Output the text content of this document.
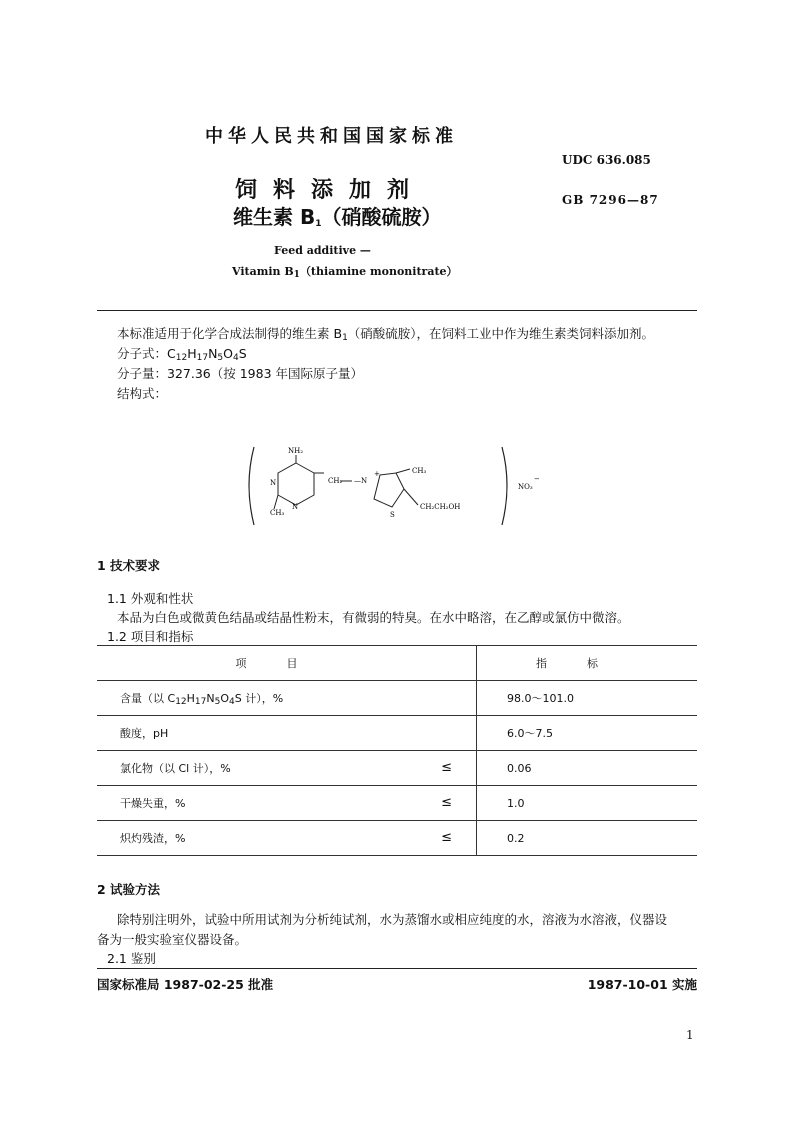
中华人民共和国国家标准
UDC 636.085
GB 7296—87
饲料添加剂
维生素 $B_1$（硝酸硫胺）
Feed additive —
Vitamin $B_1(thiamine$ mononitrate）
本标准适用于化学合成法制得的维生素 $B_1$（硝酸硫胺），在饲料工业中作为维生素类饲料添加剂。
分子式：$C_{12}H_{17}N_5O_4S$
分子量：327.36（按 1983 年国际原子量）
结构式：
NH₂
N
N
CH₃
CH₂ —N
+	CH₃
S
CH₂CH₂OH
NO₃
−
1 技术要求
1.1 外观和性状
本品为白色或微黄色结晶或结晶性粉末，有微弱的特臭。在水中略溶，在乙醇或氯仿中微溶。
1.2 项目和指标
项目	指标
含量（以 $C_{12}H_{17}N_5O_4S$ 计），%	98.0～101.0
酸度，pH	6.0～7.5
氯化物（以 Cl 计），% ≤	0.06
干燥失重，% ≤	1.0
炽灼残渣，% ≤	0.2
2 试验方法
除特别注明外，试验中所用试剂为分析纯试剂，水为蒸馏水或相应纯度的水，溶液为水溶液，仪器设
备为一般实验室仪器设备。
2.1 鉴别
国家标准局 1987-02-25 批准	1987-10-01 实施
1
